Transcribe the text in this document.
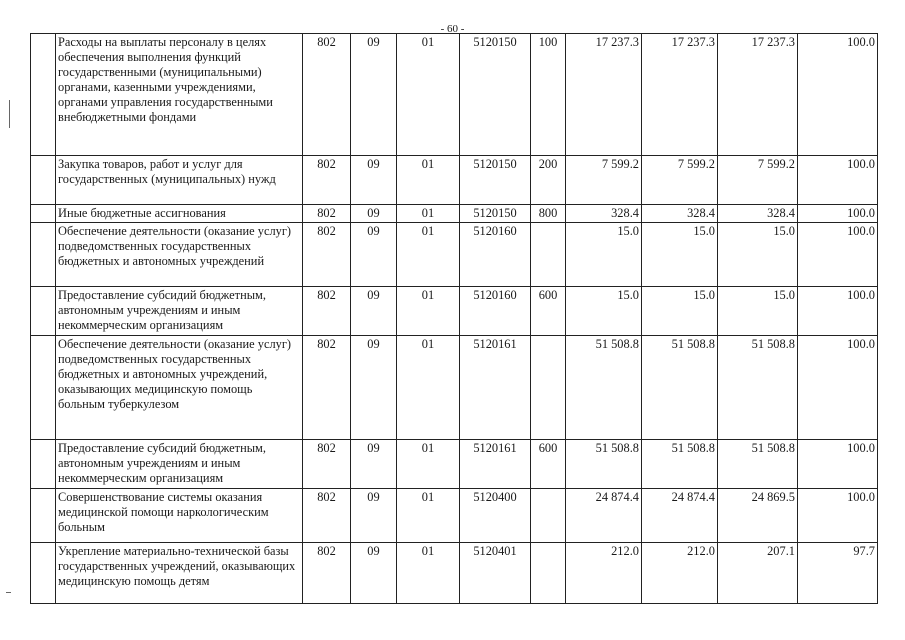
- 60 -
	Расходы на выплаты персоналу в целях обеспечения выполнения функций государственными (муниципальными) органами, казенными учреждениями, органами управления государственными внебюджетными фондами	802	09	01	5120150	100	17 237.3	17 237.3	17 237.3	100.0
	Закупка товаров, работ и услуг для государственных (муниципальных) нужд	802	09	01	5120150	200	7 599.2	7 599.2	7 599.2	100.0
	Иные бюджетные ассигнования	802	09	01	5120150	800	328.4	328.4	328.4	100.0
	Обеспечение деятельности (оказание услуг) подведомственных государственных бюджетных и автономных учреждений	802	09	01	5120160		15.0	15.0	15.0	100.0
	Предоставление субсидий бюджетным, автономным учреждениям и иным некоммерческим организациям	802	09	01	5120160	600	15.0	15.0	15.0	100.0
	Обеспечение деятельности (оказание услуг) подведомственных государственных бюджетных и автономных учреждений, оказывающих медицинскую помощь больным туберкулезом	802	09	01	5120161		51 508.8	51 508.8	51 508.8	100.0
	Предоставление субсидий бюджетным, автономным учреждениям и иным некоммерческим организациям	802	09	01	5120161	600	51 508.8	51 508.8	51 508.8	100.0
	Совершенствование системы оказания медицинской помощи наркологическим больным	802	09	01	5120400		24 874.4	24 874.4	24 869.5	100.0
	Укрепление материально-технической базы государственных учреждений, оказывающих медицинскую помощь детям	802	09	01	5120401		212.0	212.0	207.1	97.7
